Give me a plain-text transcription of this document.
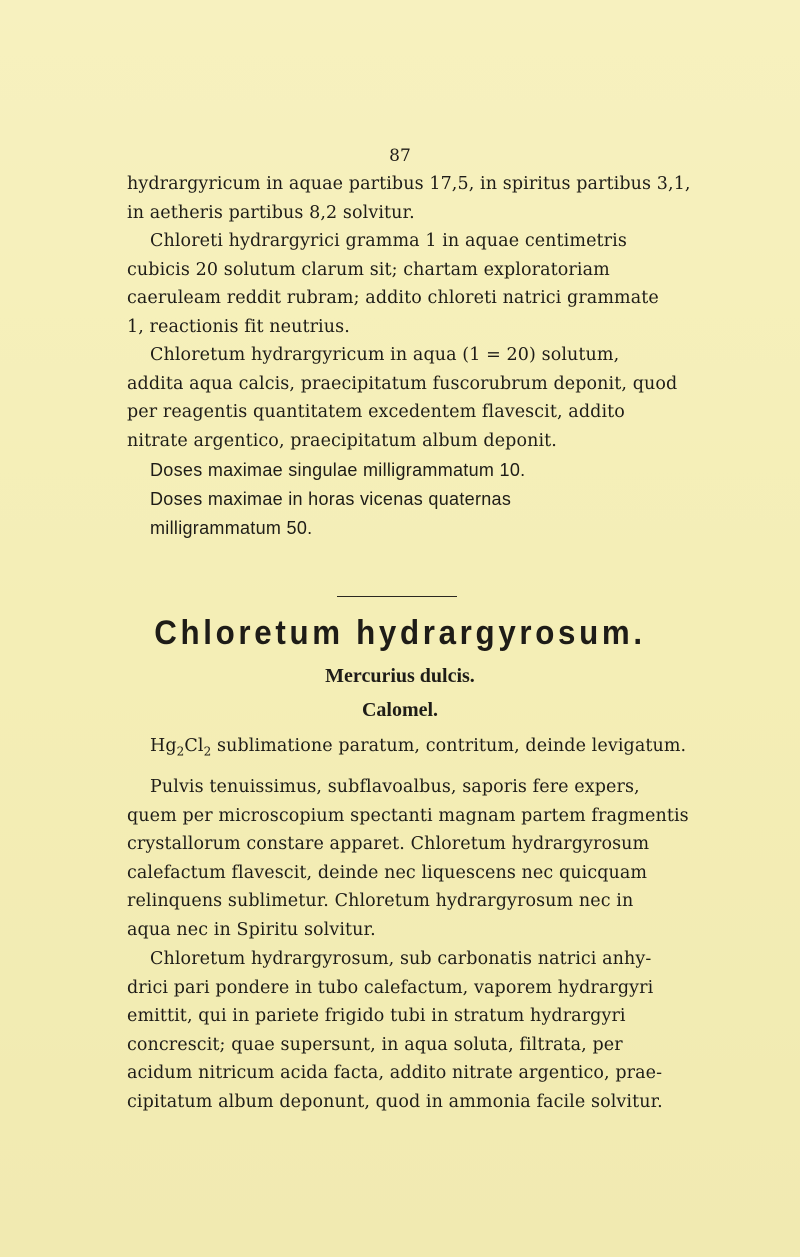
87
hydrargyricum in aquae partibus 17,5, in spiritus partibus 3,1,
in aetheris partibus 8,2 solvitur.
Chloreti hydrargyrici gramma 1 in aquae centimetris
cubicis 20 solutum clarum sit; chartam exploratoriam
caeruleam reddit rubram; addito chloreti natrici grammate
1, reactionis fit neutrius.
Chloretum hydrargyricum in aqua (1 = 20) solutum,
addita aqua calcis, praecipitatum fuscorubrum deponit, quod
per reagentis quantitatem excedentem flavescit, addito
nitrate argentico, praecipitatum album deponit.
Doses maximae singulae milligrammatum 10.
Doses maximae in horas vicenas quaternas
milligrammatum 50.
Chloretum hydrargyrosum.
Mercurius dulcis.
Calomel.
$Hg_2Cl_2$ sublimatione paratum, contritum, deinde levigatum.
Pulvis tenuissimus, subflavoalbus, saporis fere expers,
quem per microscopium spectanti magnam partem fragmentis
crystallorum constare apparet. Chloretum hydrargyrosum
calefactum flavescit, deinde nec liquescens nec quicquam
relinquens sublimetur. Chloretum hydrargyrosum nec in
aqua nec in Spiritu solvitur.
Chloretum hydrargyrosum, sub carbonatis natrici anhy-
drici pari pondere in tubo calefactum, vaporem hydrargyri
emittit, qui in pariete frigido tubi in stratum hydrargyri
concrescit; quae supersunt, in aqua soluta, filtrata, per
acidum nitricum acida facta, addito nitrate argentico, prae-
cipitatum album deponunt, quod in ammonia facile solvitur.
